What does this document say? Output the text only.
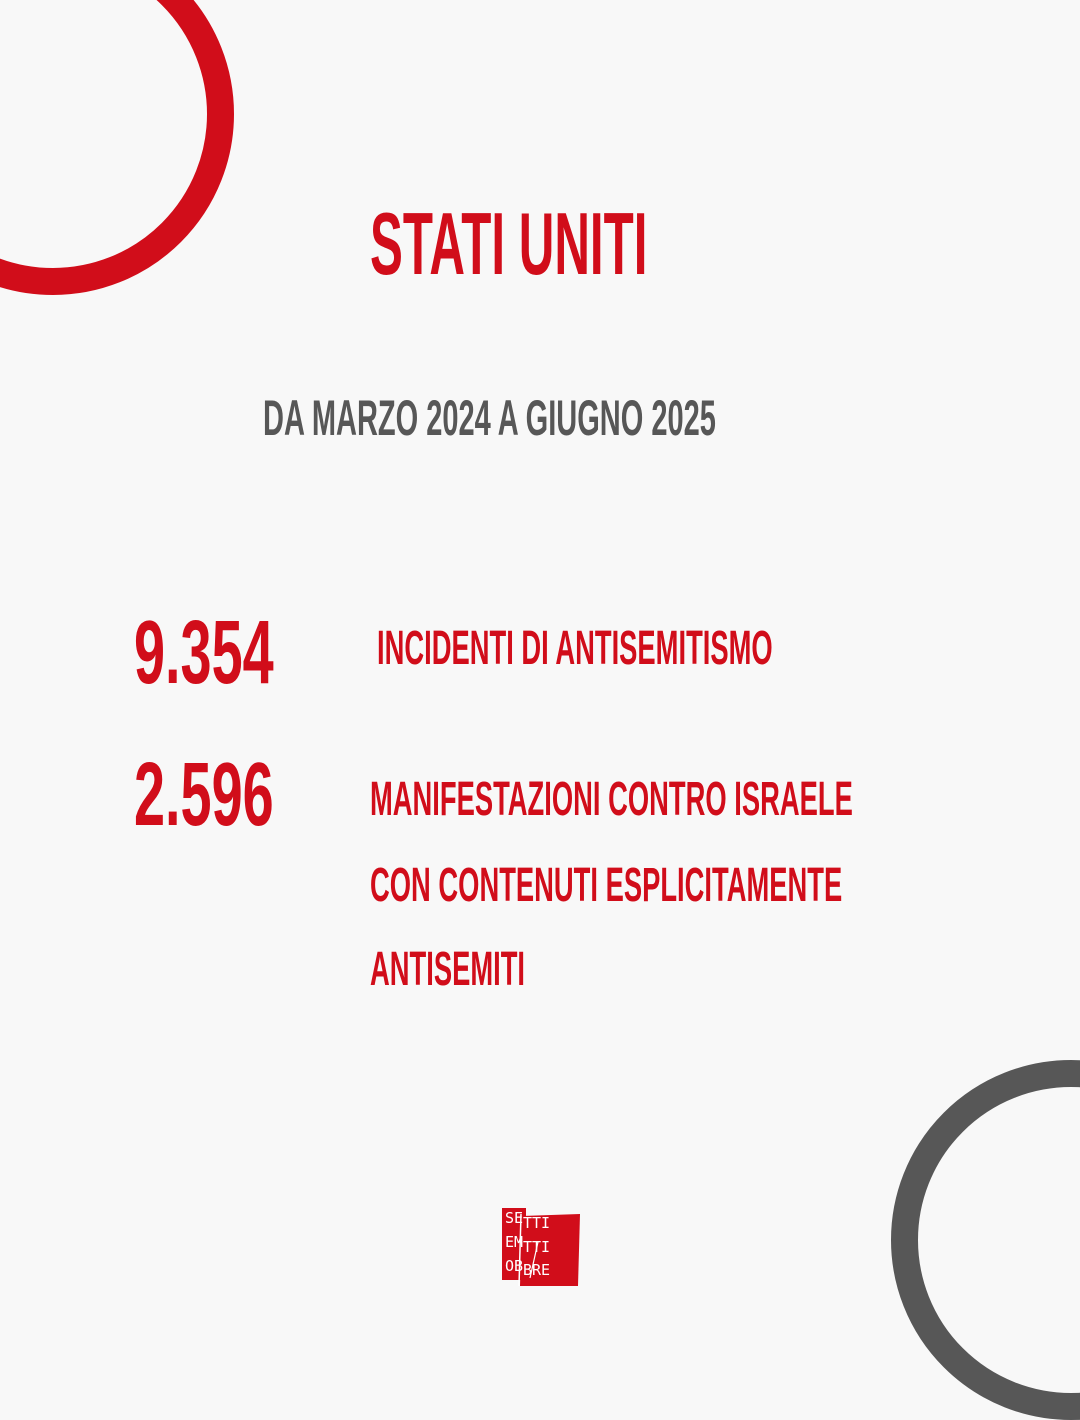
STATI UNITI
DA MARZO 2024 A GIUGNO 2025
9.354 INCIDENTI DI ANTISEMITISMO
2.596 MANIFESTAZIONI CONTRO ISRAELE
CON CONTENUTI ESPLICITAMENTE
ANTISEMITI
SE TTI
EM TTI
OB BRE
